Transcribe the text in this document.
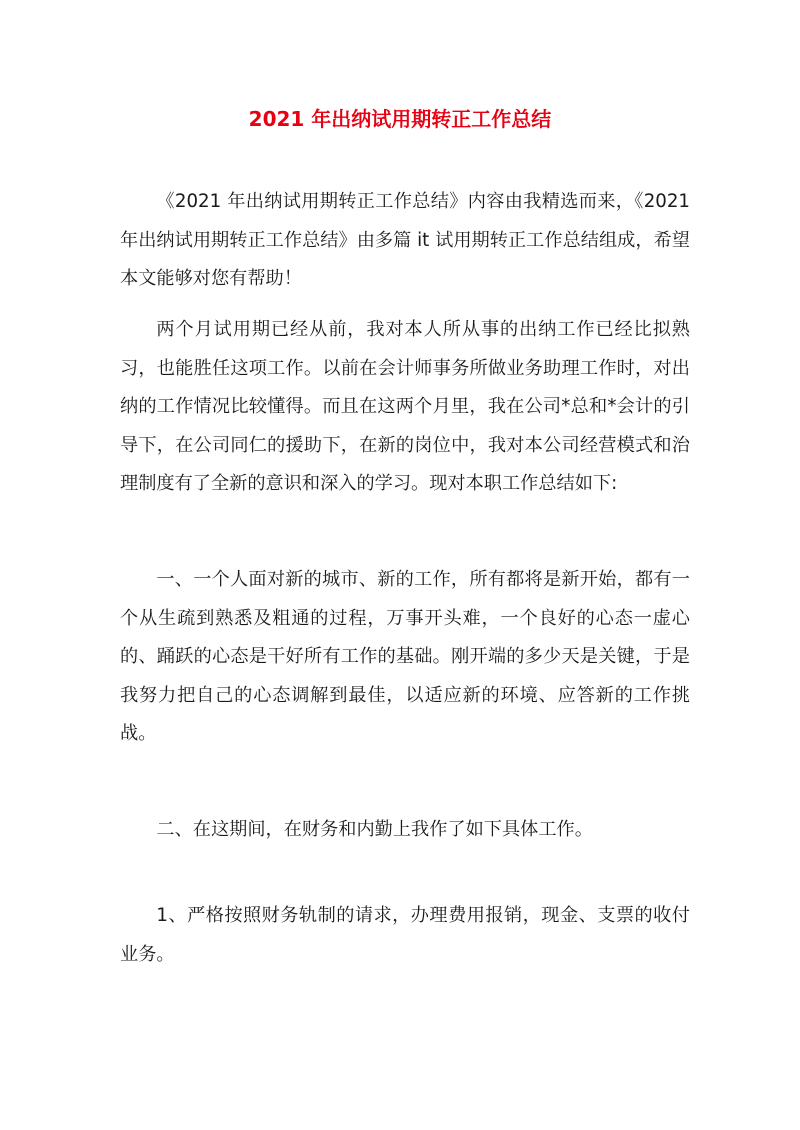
2021 年出纳试用期转正工作总结

《2021 年出纳试用期转正工作总结》内容由我精选而来，《2021 年出纳试用期转正工作总结》由多篇 it 试用期转正工作总结组成，希望本文能够对您有帮助！

两个月试用期已经从前，我对本人所从事的出纳工作已经比拟熟习，也能胜任这项工作。以前在会计师事务所做业务助理工作时，对出纳的工作情况比较懂得。而且在这两个月里，我在公司*总和*会计的引导下，在公司同仁的援助下，在新的岗位中，我对本公司经营模式和治理制度有了全新的意识和深入的学习。现对本职工作总结如下:

一、一个人面对新的城市、新的工作，所有都将是新开始，都有一个从生疏到熟悉及粗通的过程，万事开头难，一个良好的心态一虚心的、踊跃的心态是干好所有工作的基础。刚开端的多少天是关键，于是我努力把自己的心态调解到最佳，以适应新的环境、应答新的工作挑战。

二、在这期间，在财务和内勤上我作了如下具体工作。

1、严格按照财务轨制的请求，办理费用报销，现金、支票的收付业务。
